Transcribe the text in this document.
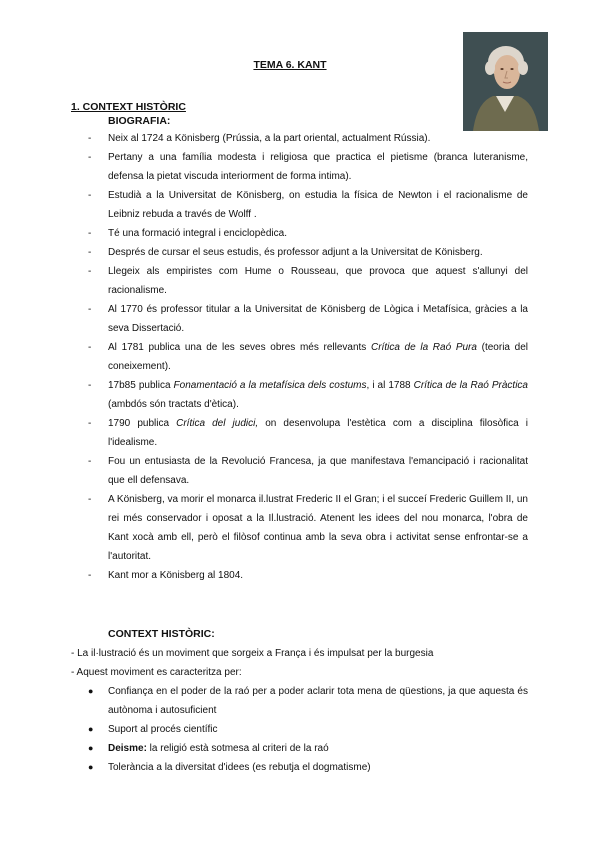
TEMA 6. KANT
1. CONTEXT HISTÒRIC
BIOGRAFIA:
- Neix al 1724 a Könisberg (Prússia, a la part oriental, actualment Rússia).
- Pertany a una família modesta i religiosa que practica el pietisme (branca luteranisme, defensa la pietat viscuda interiorment de forma intima).
- Estudià a la Universitat de Könisberg, on estudia la física de Newton i el racionalisme de Leibniz rebuda a través de Wolff .
- Té una formació integral i enciclopèdica.
- Després de cursar el seus estudis, és professor adjunt a la Universitat de Könisberg.
- Llegeix als empiristes com Hume o Rousseau, que provoca que aquest s'allunyi del racionalisme.
- Al 1770 és professor titular a la Universitat de Könisberg de Lògica i Metafísica, gràcies a la seva Dissertació.
- Al 1781 publica una de les seves obres més rellevants Crítica de la Raó Pura (teoria del coneixement).
- 17b85 publica Fonamentació a la metafísica dels costums, i al 1788 Crítica de la Raó Pràctica (ambdós són tractats d'ètica).
- 1790 publica Crítica del judici, on desenvolupa l'estètica com a disciplina filosòfica i l'idealisme.
- Fou un entusiasta de la Revolució Francesa, ja que manifestava l'emancipació i racionalitat que ell defensava.
- A Könisberg, va morir el monarca il.lustrat Frederic II el Gran; i el succeí Frederic Guillem II, un rei més conservador i oposat a la Il.lustració. Atenent les idees del nou monarca, l'obra de Kant xocà amb ell, però el filòsof continua amb la seva obra i activitat sense enfrontar-se a l'autoritat.
- Kant mor a Könisberg al 1804.
CONTEXT HISTÒRIC:
- La il·lustració és un moviment que sorgeix a França i és impulsat per la burgesia
- Aquest moviment es caracteritza per:
● Confiança en el poder de la raó per a poder aclarir tota mena de qüestions, ja que aquesta és autònoma i autosuficient
● Suport al procés científic
● Deisme: la religió està sotmesa al criteri de la raó
● Tolerància a la diversitat d'idees (es rebutja el dogmatisme)
